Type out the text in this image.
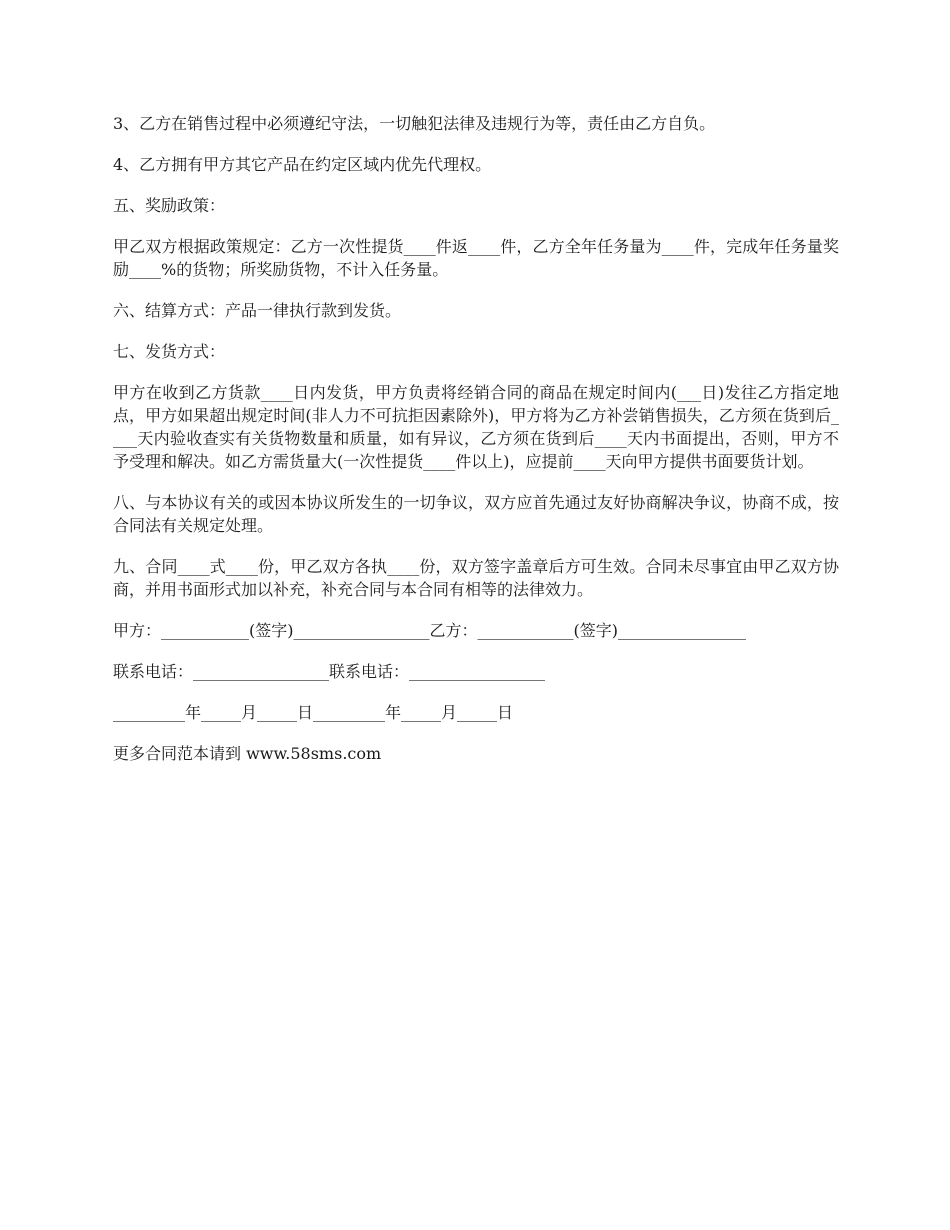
3、乙方在销售过程中必须遵纪守法，一切触犯法律及违规行为等，责任由乙方自负。

4、乙方拥有甲方其它产品在约定区域内优先代理权。

五、奖励政策：

甲乙双方根据政策规定：乙方一次性提货____件返____件，乙方全年任务量为____件，完成年任务量奖励____%的货物；所奖励货物，不计入任务量。

六、结算方式：产品一律执行款到发货。

七、发货方式：

甲方在收到乙方货款____日内发货，甲方负责将经销合同的商品在规定时间内(___日)发往乙方指定地点，甲方如果超出规定时间(非人力不可抗拒因素除外)，甲方将为乙方补尝销售损失，乙方须在货到后____天内验收查实有关货物数量和质量，如有异议，乙方须在货到后____天内书面提出，否则，甲方不予受理和解决。如乙方需货量大(一次性提货____件以上)，应提前____天向甲方提供书面要货计划。

八、与本协议有关的或因本协议所发生的一切争议，双方应首先通过友好协商解决争议，协商不成，按合同法有关规定处理。

九、合同____式____份，甲乙双方各执____份，双方签字盖章后方可生效。合同未尽事宜由甲乙双方协商，并用书面形式加以补充，补充合同与本合同有相等的法律效力。

甲方：___________(签字)_________________乙方：____________(签字)________________

联系电话：_________________联系电话：_________________

_________年_____月_____日_________年_____月_____日

更多合同范本请到 www.58sms.com
